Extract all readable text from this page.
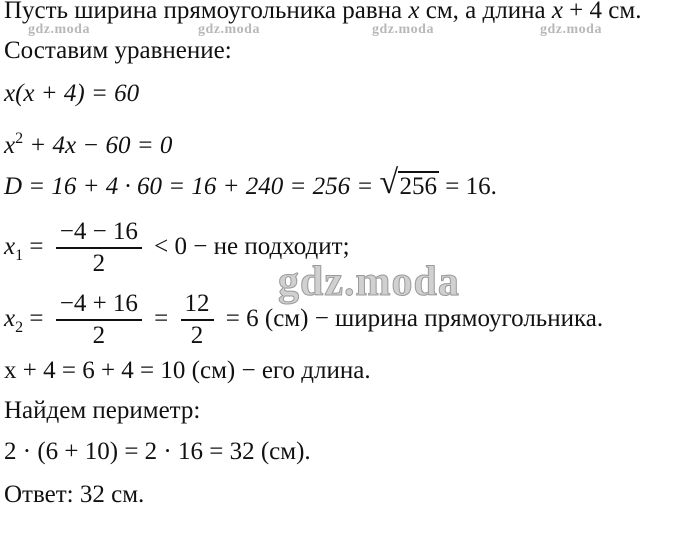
gdz.moda	gdz.moda	gdz.moda	gdz.moda
gdz.moda
Пусть ширина прямоугольника равна x см, а длина x + 4 см.
Составим уравнение:
x(x + 4) = 60
$x^2 + 4x - 60 = 0$
D = 16 + 4 · 60 = 16 + 240 = 256 = √ 256 = 16.
$x_1 = \frac{-4 - 16}{2} < 0$ − не подходит;
$x_2 = \frac{-4 + 16}{2} = \frac{12}{2} = 6$ (см) − ширина прямоугольника.
x + 4 = 6 + 4 = 10 (см) − его длина.
Найдем периметр:
2 · (6 + 10) = 2 · 16 = 32 (см).
Ответ: 32 см.
